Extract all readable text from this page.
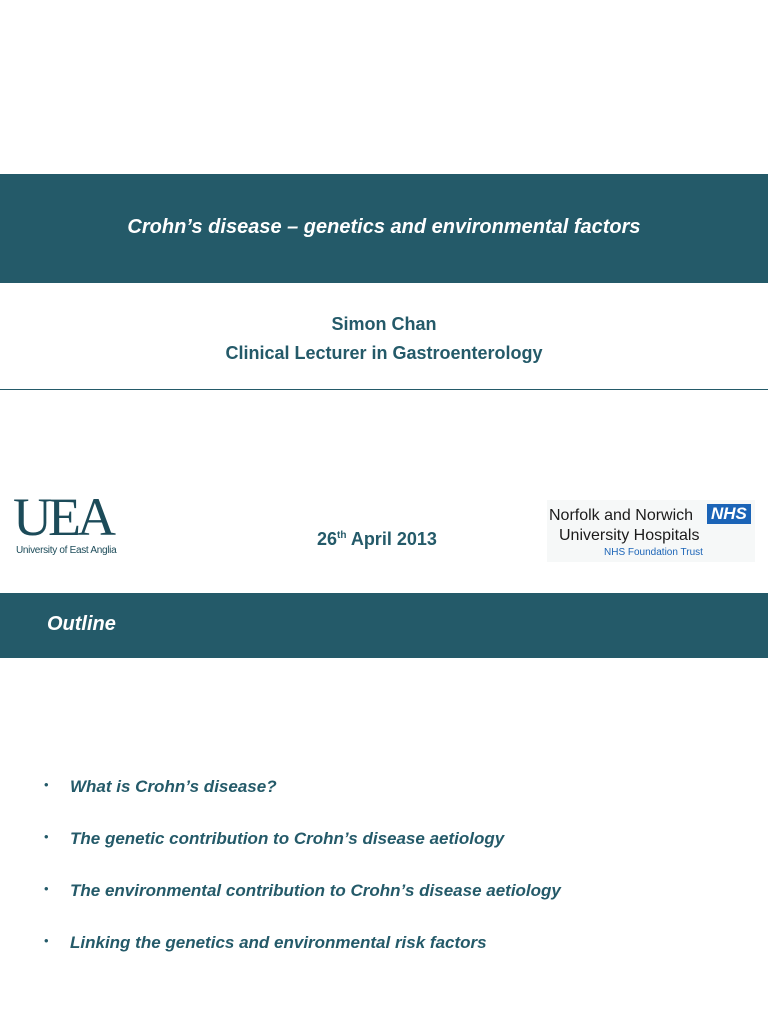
Crohn’s disease – genetics and environmental factors
Simon Chan
Clinical Lecturer in Gastroenterology
UEA
University of East Anglia
26th April 2013
Norfolk and Norwich NHS
University Hospitals
NHS Foundation Trust
Outline
• What is Crohn’s disease?
• The genetic contribution to Crohn’s disease aetiology
• The environmental contribution to Crohn’s disease aetiology
• Linking the genetics and environmental risk factors
